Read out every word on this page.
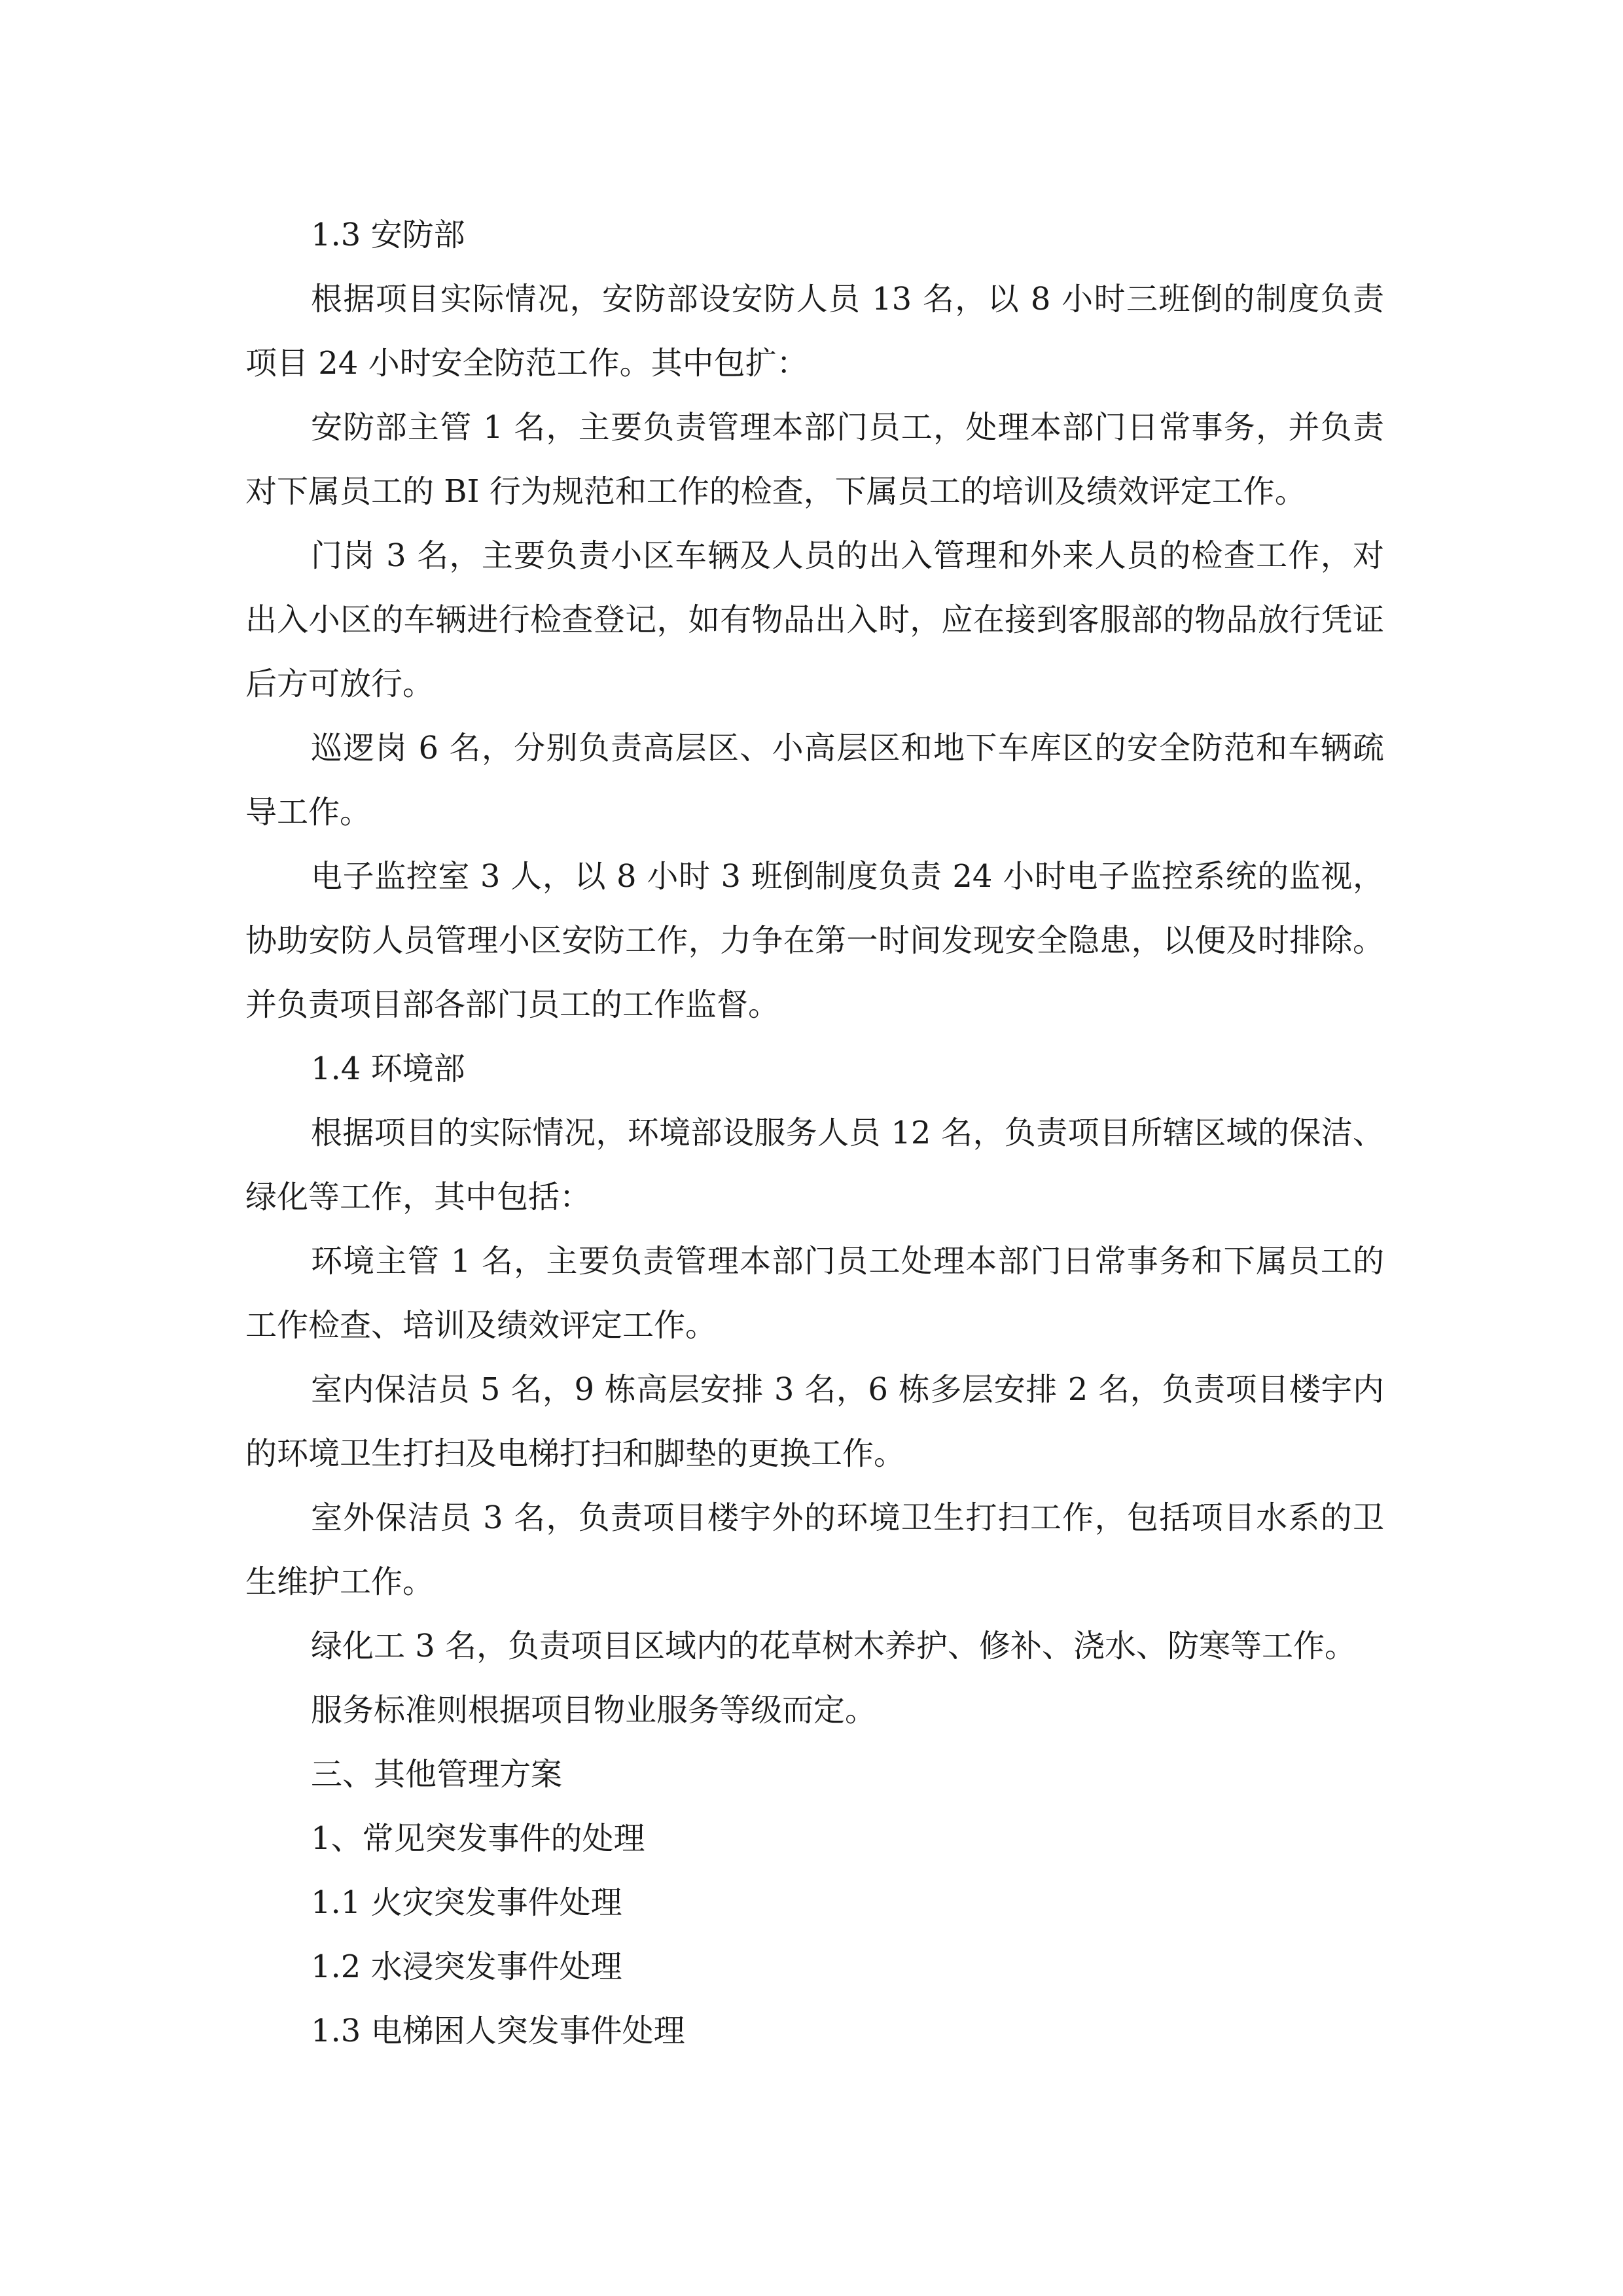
1.3 安防部

根据项目实际情况，安防部设安防人员 13 名，以 8 小时三班倒的制度负责项目 24 小时安全防范工作。其中包扩：

安防部主管 1 名，主要负责管理本部门员工，处理本部门日常事务，并负责对下属员工的 BI 行为规范和工作的检查，下属员工的培训及绩效评定工作。

门岗 3 名，主要负责小区车辆及人员的出入管理和外来人员的检查工作，对出入小区的车辆进行检查登记，如有物品出入时，应在接到客服部的物品放行凭证后方可放行。

巡逻岗 6 名，分别负责高层区、小高层区和地下车库区的安全防范和车辆疏导工作。

电子监控室 3 人，以 8 小时 3 班倒制度负责 24 小时电子监控系统的监视，协助安防人员管理小区安防工作，力争在第一时间发现安全隐患，以便及时排除。并负责项目部各部门员工的工作监督。

1.4 环境部

根据项目的实际情况，环境部设服务人员 12 名，负责项目所辖区域的保洁、绿化等工作，其中包括：

环境主管 1 名，主要负责管理本部门员工处理本部门日常事务和下属员工的工作检查、培训及绩效评定工作。

室内保洁员 5 名，9 栋高层安排 3 名，6 栋多层安排 2 名，负责项目楼宇内的环境卫生打扫及电梯打扫和脚垫的更换工作。

室外保洁员 3 名，负责项目楼宇外的环境卫生打扫工作，包括项目水系的卫生维护工作。

绿化工 3 名，负责项目区域内的花草树木养护、修补、浇水、防寒等工作。

服务标准则根据项目物业服务等级而定。

三、其他管理方案

1、常见突发事件的处理

1.1 火灾突发事件处理

1.2 水浸突发事件处理

1.3 电梯困人突发事件处理
